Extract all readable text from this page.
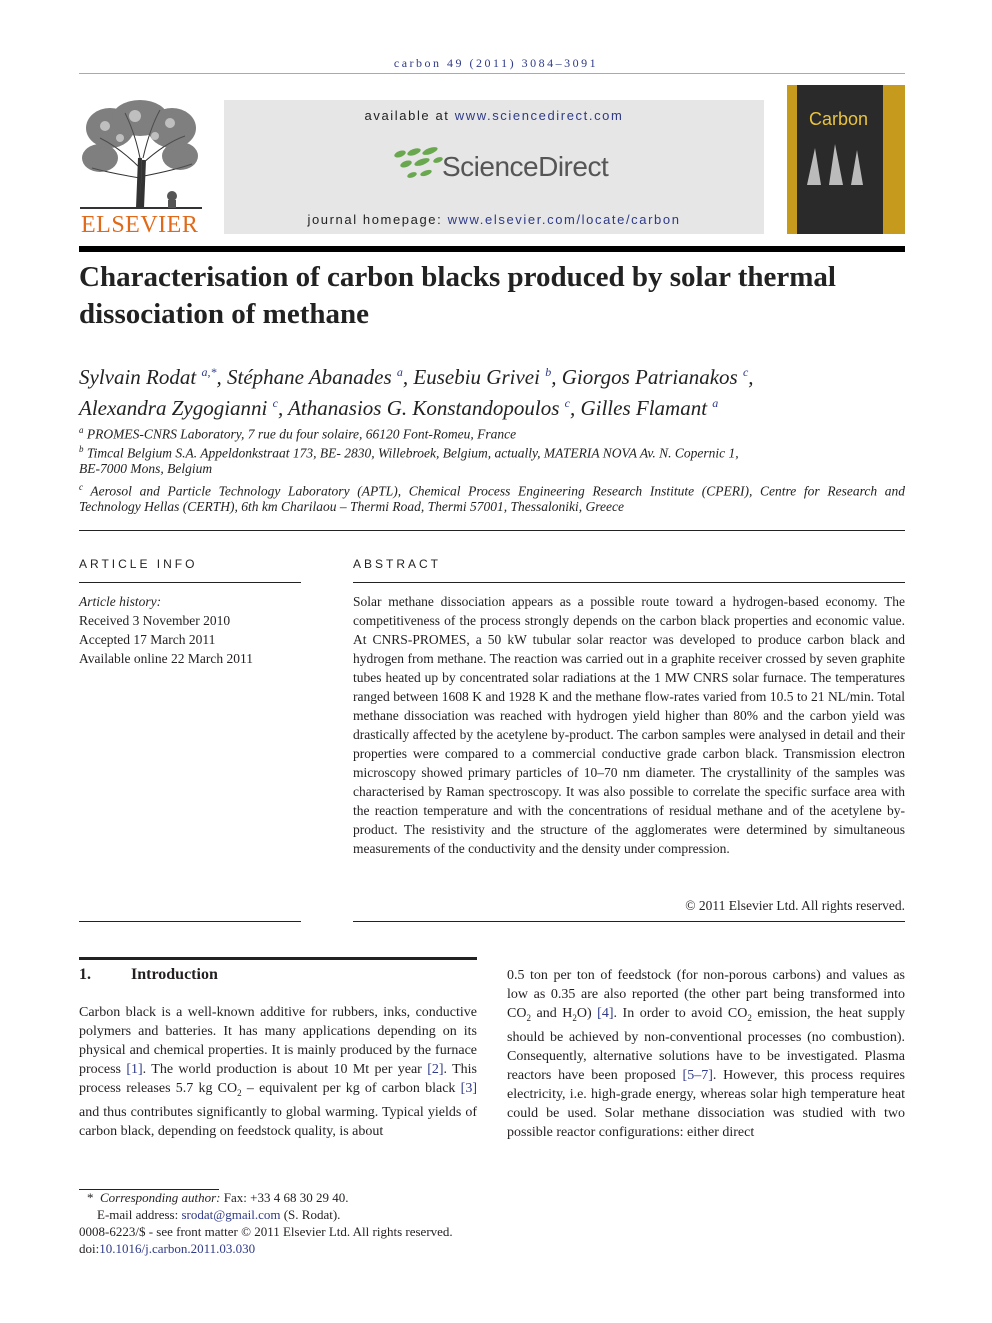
carbon 49 (2011) 3084–3091
ELSEVIER
available at www.sciencedirect.com
ScienceDirect
journal homepage: www.elsevier.com/locate/carbon
Carbon
Characterisation of carbon blacks produced by solar thermal dissociation of methane
Sylvain Rodat $^{a,*}$, Stéphane Abanades $^a$, Eusebiu Grivei $^b$, Giorgos Patrianakos $^c$,
Alexandra Zygogianni $^c$, Athanasios G. Konstandopoulos $^c$, Gilles Flamant $^a$
$^a$ PROMES-CNRS Laboratory, 7 rue du four solaire, 66120 Font-Romeu, France
$^b$ Timcal Belgium S.A. Appeldonkstraat 173, BE- 2830, Willebroek, Belgium, actually, MATERIA NOVA Av. N. Copernic 1,
BE-7000 Mons, Belgium
$^c$ Aerosol and Particle Technology Laboratory (APTL), Chemical Process Engineering Research Institute (CPERI), Centre for Research and
Technology Hellas (CERTH), 6th km Charilaou – Thermi Road, Thermi 57001, Thessaloniki, Greece
ARTICLE INFO
Article history:
Received 3 November 2010
Accepted 17 March 2011
Available online 22 March 2011
ABSTRACT
Solar methane dissociation appears as a possible route toward a hydrogen-based economy. The competitiveness of the process strongly depends on the carbon black properties and economic value. At CNRS-PROMES, a 50 kW tubular solar reactor was developed to produce carbon black and hydrogen from methane. The reaction was carried out in a graphite receiver crossed by seven graphite tubes heated up by concentrated solar radiations at the 1 MW CNRS solar furnace. The temperatures ranged between 1608 K and 1928 K and the methane flow-rates varied from 10.5 to 21 NL/min. Total methane dissociation was reached with hydrogen yield higher than 80% and the carbon yield was drastically affected by the acetylene by-product. The carbon samples were analysed in detail and their properties were compared to a commercial conductive grade carbon black. Transmission electron microscopy showed primary particles of 10–70 nm diameter. The crystallinity of the samples was characterised by Raman spectroscopy. It was also possible to correlate the specific surface area with the reaction temperature and with the concentrations of residual methane and of the acetylene by-product. The resistivity and the structure of the agglomerates were determined by simultaneous measurements of the conductivity and the density under compression.
© 2011 Elsevier Ltd. All rights reserved.
1.	Introduction
Carbon black is a well-known additive for rubbers, inks, conductive polymers and batteries. It has many applications depending on its physical and chemical properties. It is mainly produced by the furnace process [1]. The world production is about 10 Mt per year [2]. This process releases 5.7 kg $CO_2$ – equivalent per kg of carbon black [3] and thus contributes significantly to global warming. Typical yields of carbon black, depending on feedstock quality, is about
0.5 ton per ton of feedstock (for non-porous carbons) and values as low as 0.35 are also reported (the other part being transformed into $CO_2$ and $H_2O$) [4]. In order to avoid $CO_2$ emission, the heat supply should be achieved by non-conventional processes (no combustion). Consequently, alternative solutions have to be investigated. Plasma reactors have been proposed [5–7]. However, this process requires electricity, i.e. high-grade energy, whereas solar high temperature heat could be used. Solar methane dissociation was studied with two possible reactor configurations: either direct
* Corresponding author: Fax: +33 4 68 30 29 40.
E-mail address: srodat@gmail.com (S. Rodat).
0008-6223/$ - see front matter © 2011 Elsevier Ltd. All rights reserved.
doi:10.1016/j.carbon.2011.03.030
